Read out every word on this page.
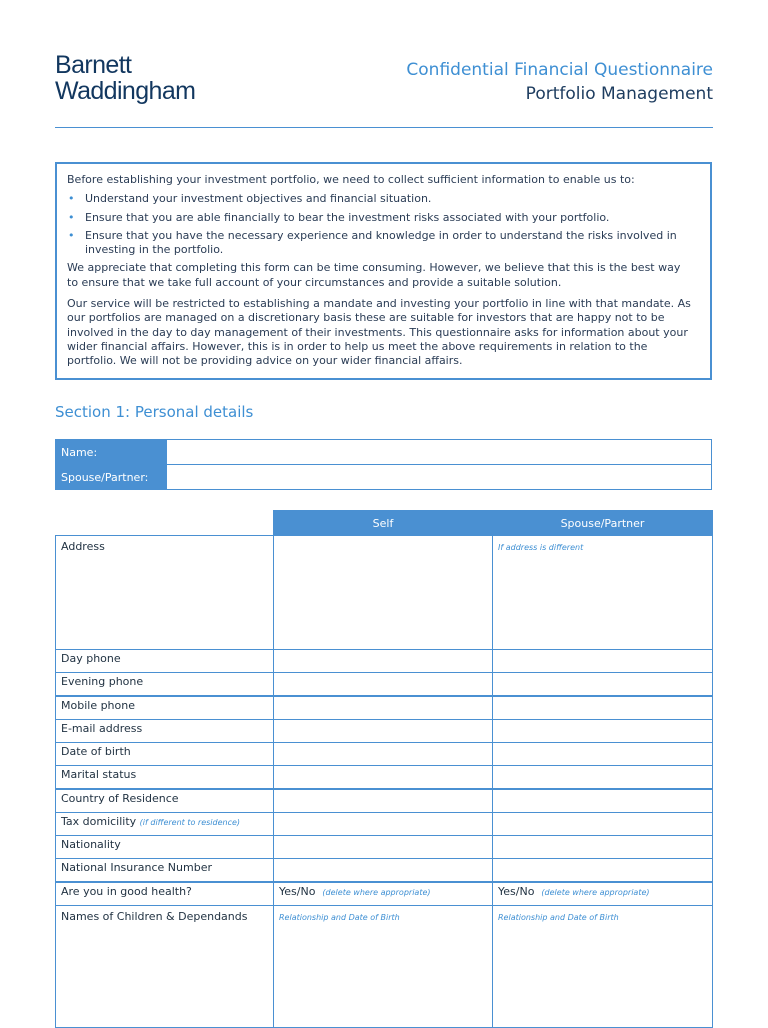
Barnett
Waddingham
Confidential Financial Questionnaire
Portfolio Management

Before establishing your investment portfolio, we need to collect sufficient information to enable us to:

• Understand your investment objectives and financial situation.
• Ensure that you are able financially to bear the investment risks associated with your portfolio.
• Ensure that you have the necessary experience and knowledge in order to understand the risks involved in investing in the portfolio.

We appreciate that completing this form can be time consuming. However, we believe that this is the best way to ensure that we take full account of your circumstances and provide a suitable solution.

Our service will be restricted to establishing a mandate and investing your portfolio in line with that mandate. As our portfolios are managed on a discretionary basis these are suitable for investors that are happy not to be involved in the day to day management of their investments. This questionnaire asks for information about your wider financial affairs. However, this is in order to help us meet the above requirements in relation to the portfolio. We will not be providing advice on your wider financial affairs.

Section 1: Personal details
Name:	
Spouse/Partner:	
	Self	Spouse/Partner
Address		If address is different
Day phone		
Evening phone		
Mobile phone		
E-mail address		
Date of birth		
Marital status		
Country of Residence		
Tax domicility (if different to residence)		
Nationality		
National Insurance Number		
Are you in good health?	Yes/No (delete where appropriate)	Yes/No (delete where appropriate)
Names of Children & Dependands	Relationship and Date of Birth	Relationship and Date of Birth
